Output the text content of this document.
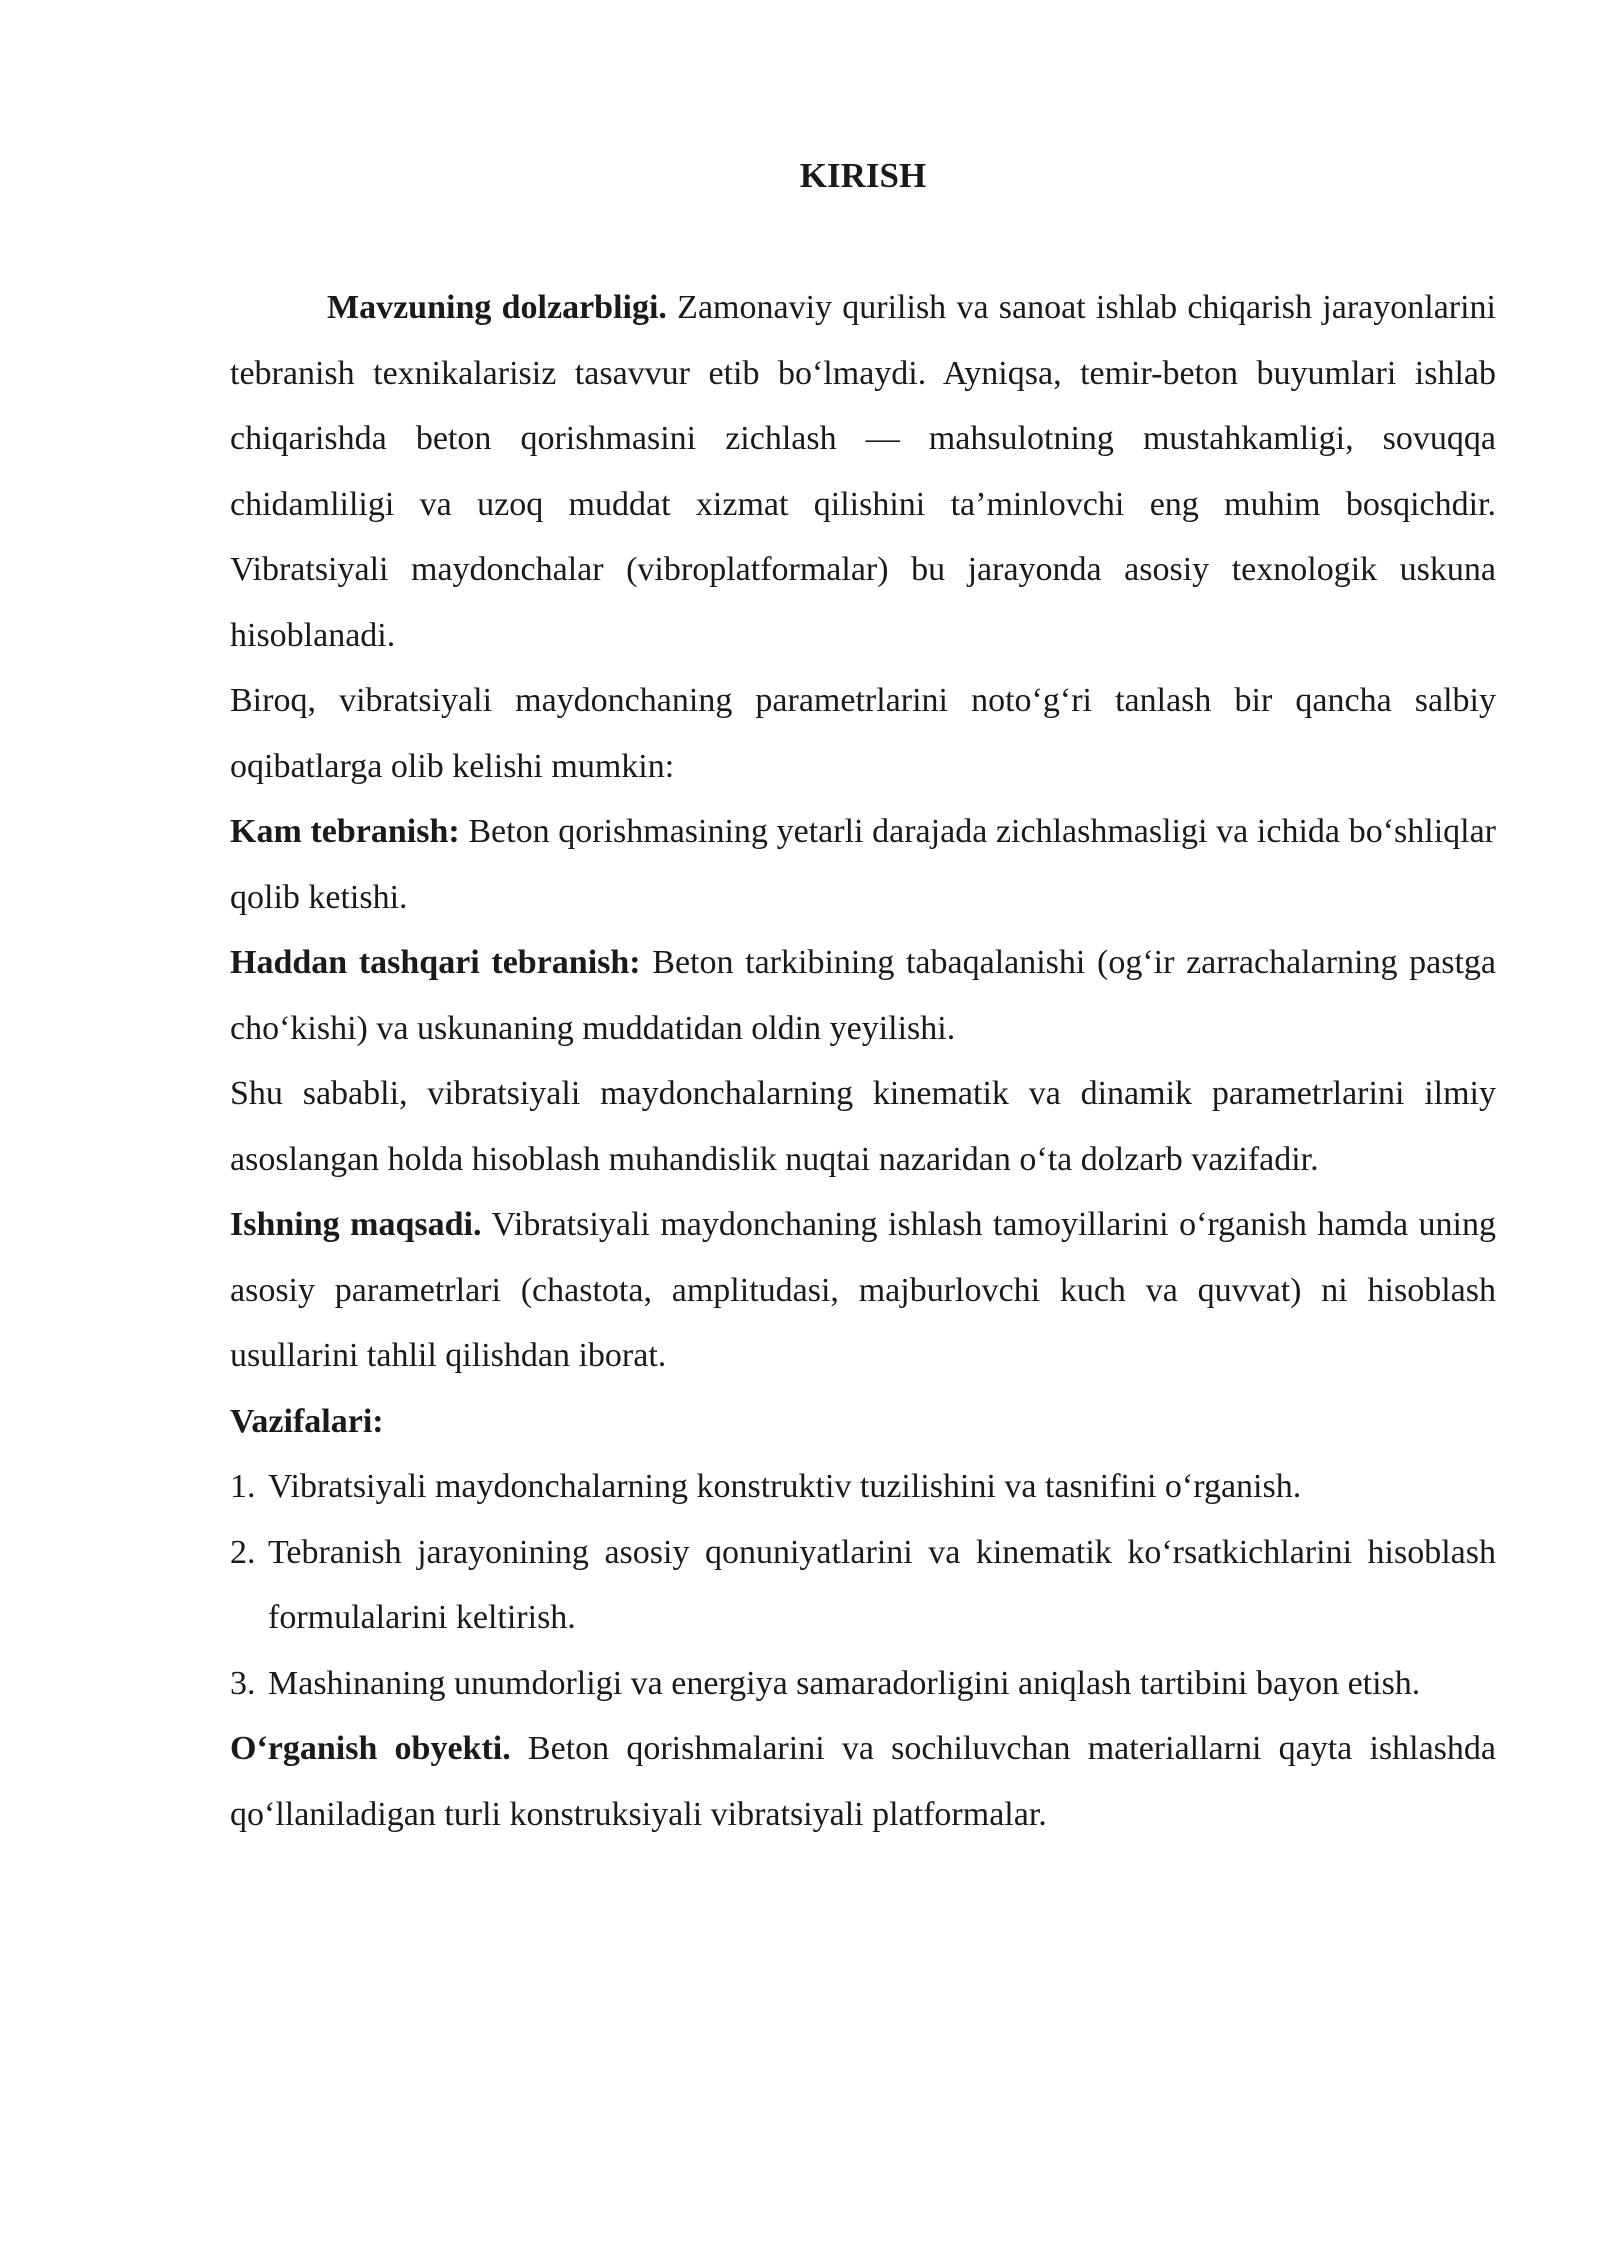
KIRISH

Mavzuning dolzarbligi. Zamonaviy qurilish va sanoat ishlab chiqarish jarayonlarini tebranish texnikalarisiz tasavvur etib bo‘lmaydi. Ayniqsa, temir-beton buyumlari ishlab chiqarishda beton qorishmasini zichlash — mahsulotning mustahkamligi, sovuqqa chidamliligi va uzoq muddat xizmat qilishini ta’minlovchi eng muhim bosqichdir. Vibratsiyali maydonchalar (vibroplatformalar) bu jarayonda asosiy texnologik uskuna hisoblanadi.

Biroq, vibratsiyali maydonchaning parametrlarini noto‘g‘ri tanlash bir qancha salbiy oqibatlarga olib kelishi mumkin:

Kam tebranish: Beton qorishmasining yetarli darajada zichlashmasligi va ichida bo‘shliqlar qolib ketishi.

Haddan tashqari tebranish: Beton tarkibining tabaqalanishi (og‘ir zarrachalarning pastga cho‘kishi) va uskunaning muddatidan oldin yeyilishi.

Shu sababli, vibratsiyali maydonchalarning kinematik va dinamik parametrlarini ilmiy asoslangan holda hisoblash muhandislik nuqtai nazaridan o‘ta dolzarb vazifadir.

Ishning maqsadi. Vibratsiyali maydonchaning ishlash tamoyillarini o‘rganish hamda uning asosiy parametrlari (chastota, amplitudasi, majburlovchi kuch va quvvat) ni hisoblash usullarini tahlil qilishdan iborat.

Vazifalari:

1. Vibratsiyali maydonchalarning konstruktiv tuzilishini va tasnifini o‘rganish.
2. Tebranish jarayonining asosiy qonuniyatlarini va kinematik ko‘rsatkichlarini hisoblash formulalarini keltirish.
3. Mashinaning unumdorligi va energiya samaradorligini aniqlash tartibini bayon etish.

O‘rganish obyekti. Beton qorishmalarini va sochiluvchan materiallarni qayta ishlashda qo‘llaniladigan turli konstruksiyali vibratsiyali platformalar.
